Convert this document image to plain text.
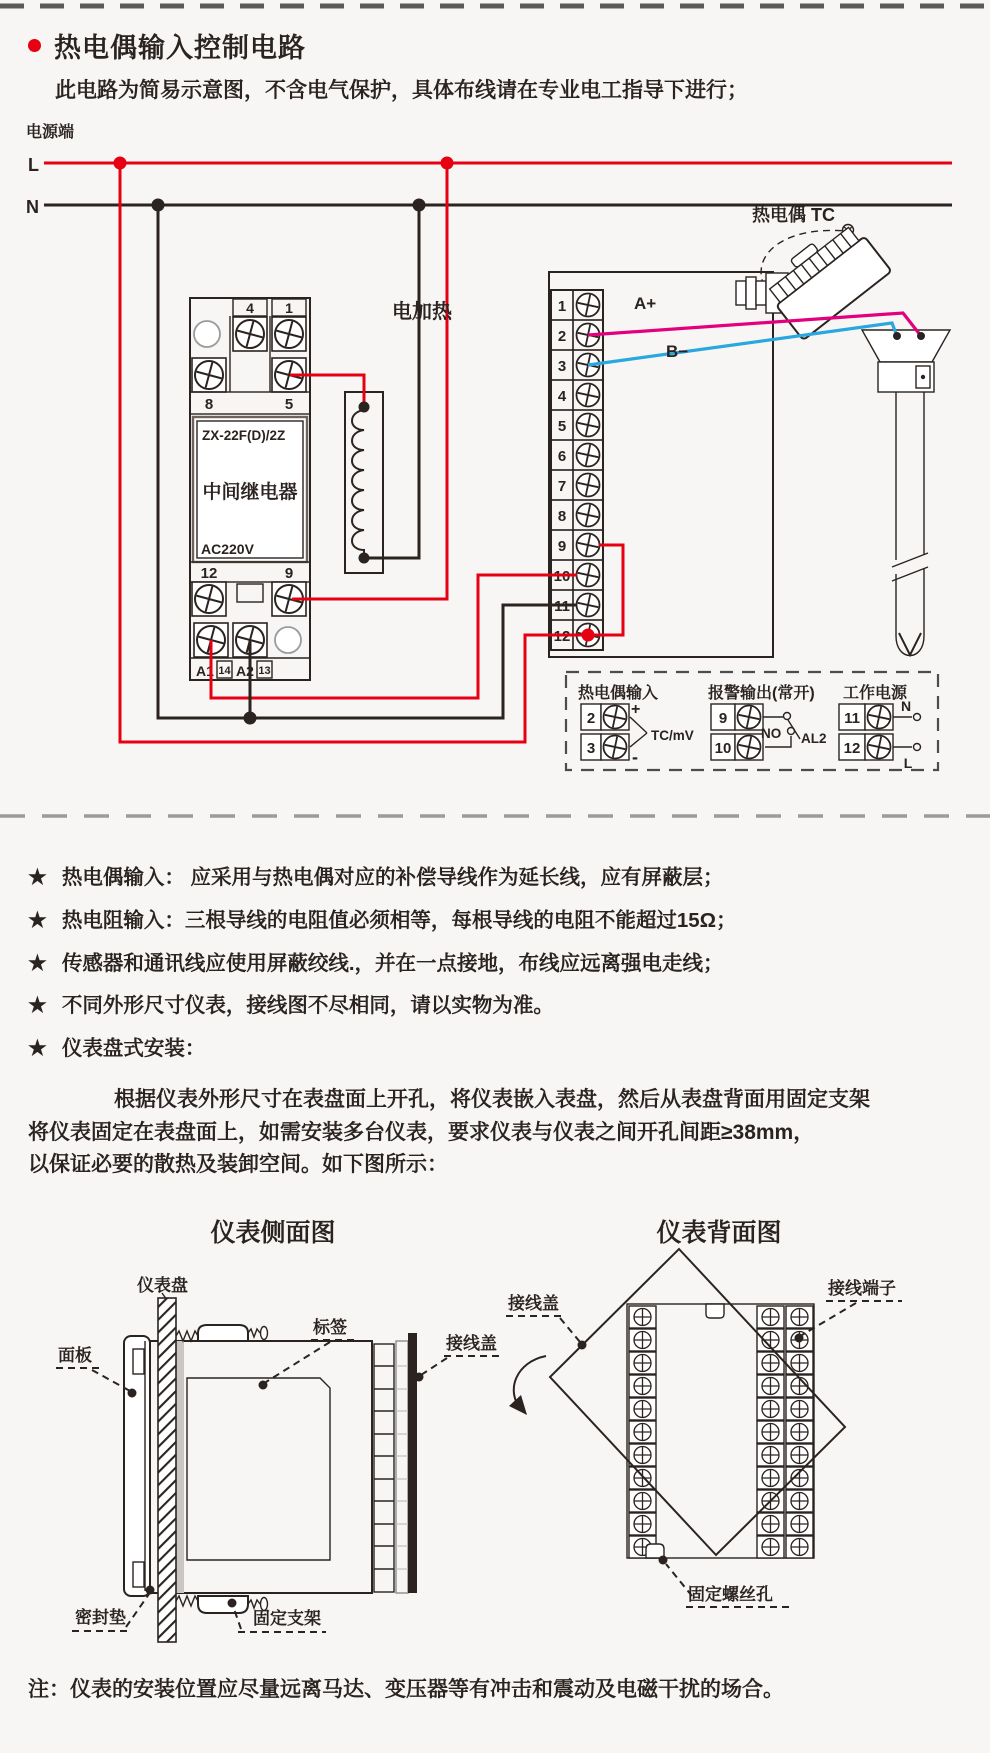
电源端
L
N
4 1
8	5
ZX-22F(D)/2Z
中间继电器
AC220V
12	9
A1 14 A2 13
1
2
3
4
5
6
7
8
9
10
11
12
A+
B−
电加热
热电偶 TC
热电偶输入
2
3
+
-
TC/mV
报警输出(常开)
9
10
NO AL2
工作电源
11
12
N
L
仪表侧面图
仪表盘
面板
标签
接线盖
密封垫	固定支架
仪表背面图
接线盖
接线端子
固定螺丝孔
热电偶输入控制电路
此电路为简易示意图，不含电气保护，具体布线请在专业电工指导下进行；
★ 热电偶输入： 应采用与热电偶对应的补偿导线作为延长线，应有屏蔽层；
★ 热电阻输入：三根导线的电阻值必须相等，每根导线的电阻不能超过15Ω；
★ 传感器和通讯线应使用屏蔽绞线.，并在一点接地，布线应远离强电走线；
★ 不同外形尺寸仪表，接线图不尽相同，请以实物为准。
★ 仪表盘式安装：
根据仪表外形尺寸在表盘面上开孔，将仪表嵌入表盘，然后从表盘背面用固定支架
将仪表固定在表盘面上，如需安装多台仪表，要求仪表与仪表之间开孔间距≥38mm，
以保证必要的散热及装卸空间。如下图所示：
注：仪表的安装位置应尽量远离马达、变压器等有冲击和震动及电磁干扰的场合。
